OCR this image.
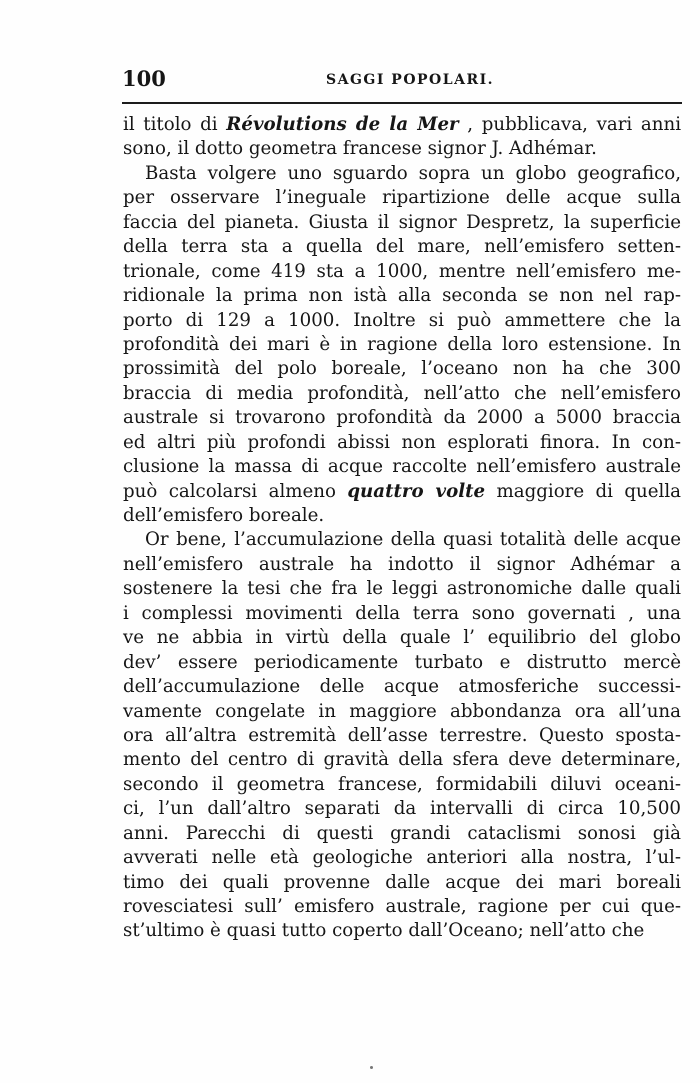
100	SAGGI POPOLARI.
il titolo di Révolutions de la Mer , pubblicava, vari anni
sono, il dotto geometra francese signor J. Adhémar.
Basta volgere uno sguardo sopra un globo geografico,
per osservare l’ineguale ripartizione delle acque sulla
faccia del pianeta. Giusta il signor Despretz, la superficie
della terra sta a quella del mare, nell’emisfero setten-
trionale, come 419 sta a 1000, mentre nell’emisfero me-
ridionale la prima non istà alla seconda se non nel rap-
porto di 129 a 1000. Inoltre si può ammettere che la
profondità dei mari è in ragione della loro estensione. In
prossimità del polo boreale, l’oceano non ha che 300
braccia di media profondità, nell’atto che nell’emisfero
australe si trovarono profondità da 2000 a 5000 braccia
ed altri più profondi abissi non esplorati finora. In con-
clusione la massa di acque raccolte nell’emisfero australe
può calcolarsi almeno quattro volte maggiore di quella
dell’emisfero boreale.
Or bene, l’accumulazione della quasi totalità delle acque
nell’emisfero australe ha indotto il signor Adhémar a
sostenere la tesi che fra le leggi astronomiche dalle quali
i complessi movimenti della terra sono governati , una
ve ne abbia in virtù della quale l’ equilibrio del globo
dev’ essere periodicamente turbato e distrutto mercè
dell’accumulazione delle acque atmosferiche successi-
vamente congelate in maggiore abbondanza ora all’una
ora all’altra estremità dell’asse terrestre. Questo sposta-
mento del centro di gravità della sfera deve determinare,
secondo il geometra francese, formidabili diluvi oceani-
ci, l’un dall’altro separati da intervalli di circa 10,500
anni. Parecchi di questi grandi cataclismi sonosi già
avverati nelle età geologiche anteriori alla nostra, l’ul-
timo dei quali provenne dalle acque dei mari boreali
rovesciatesi sull’ emisfero australe, ragione per cui que-
st’ultimo è quasi tutto coperto dall’Oceano; nell’atto che
